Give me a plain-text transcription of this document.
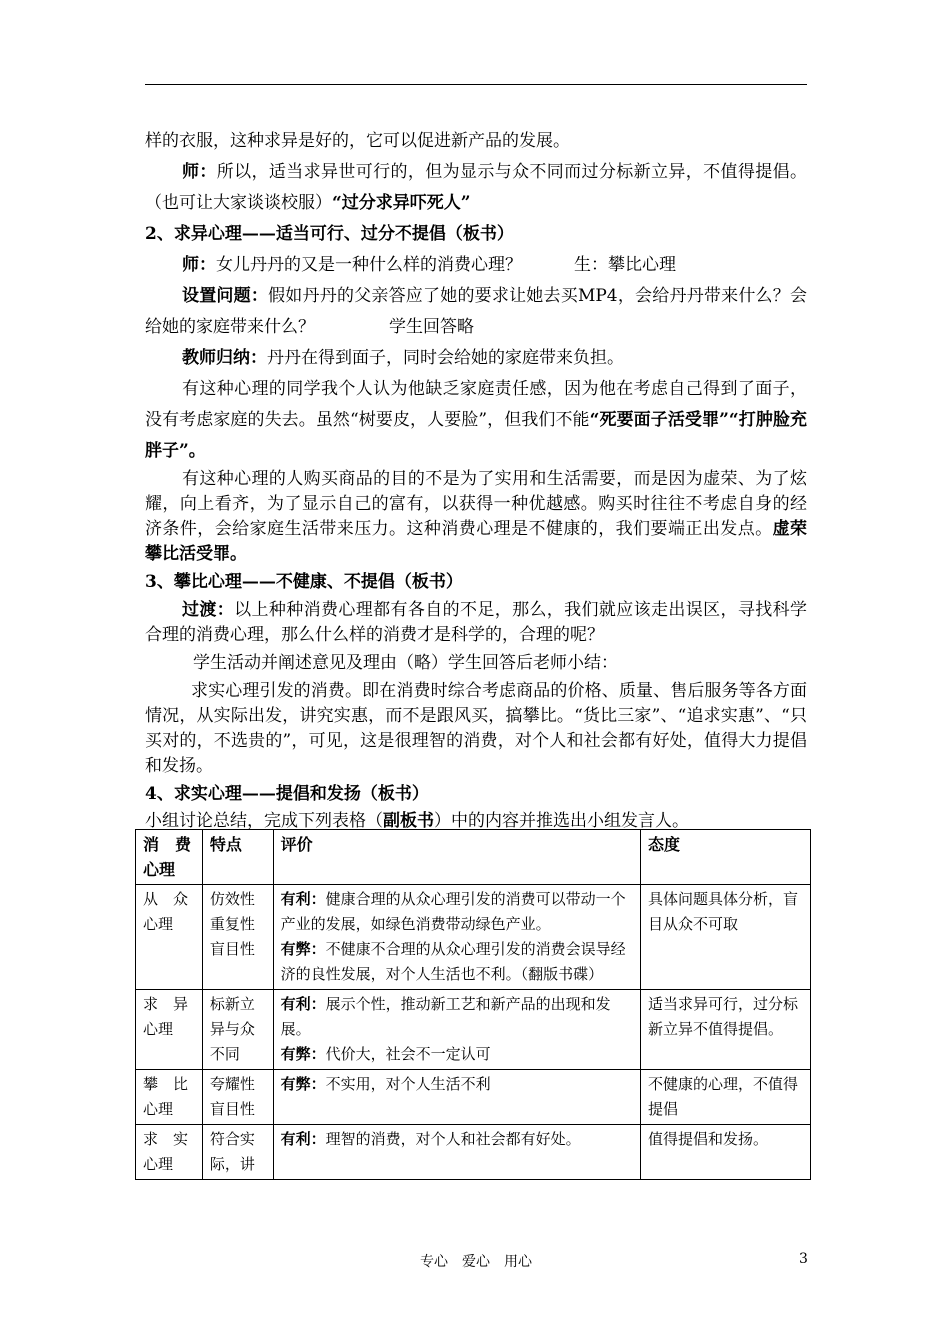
样的衣服，这种求异是好的，它可以促进新产品的发展。

师：所以，适当求异世可行的，但为显示与众不同而过分标新立异，不值得提倡。（也可让大家谈谈校服）“过分求异吓死人”

2、求异心理——适当可行、过分不提倡（板书）

师：女儿丹丹的又是一种什么样的消费心理？	生：攀比心理

设置问题：假如丹丹的父亲答应了她的要求让她去买MP4，会给丹丹带来什么？会给她的家庭带来什么？	学生回答略

教师归纳：丹丹在得到面子，同时会给她的家庭带来负担。

有这种心理的同学我个人认为他缺乏家庭责任感，因为他在考虑自己得到了面子，没有考虑家庭的失去。虽然“树要皮，人要脸”，但我们不能“死要面子活受罪”“打肿脸充胖子”。

有这种心理的人购买商品的目的不是为了实用和生活需要，而是因为虚荣、为了炫耀，向上看齐，为了显示自己的富有，以获得一种优越感。购买时往往不考虑自身的经济条件，会给家庭生活带来压力。这种消费心理是不健康的，我们要端正出发点。虚荣攀比活受罪。

3、攀比心理——不健康、不提倡（板书）

过渡：以上种种消费心理都有各自的不足，那么，我们就应该走出误区，寻找科学合理的消费心理，那么什么样的消费才是科学的，合理的呢？

学生活动并阐述意见及理由（略）学生回答后老师小结：

求实心理引发的消费。即在消费时综合考虑商品的价格、质量、售后服务等各方面情况，从实际出发，讲究实惠，而不是跟风买，搞攀比。“货比三家”、“追求实惠”、“只买对的，不选贵的”，可见，这是很理智的消费，对个人和社会都有好处，值得大力提倡和发扬。

4、求实心理——提倡和发扬（板书）

小组讨论总结，完成下列表格（副板书）中的内容并推选出小组发言人。

消　费心理	特点	评价	态度
从　众心理	仿效性重复性盲目性	有利：健康合理的从众心理引发的消费可以带动一个产业的发展，如绿色消费带动绿色产业。
有弊：不健康不合理的从众心理引发的消费会误导经济的良性发展，对个人生活也不利。（翻版书碟）	具体问题具体分析，盲目从众不可取
求　异心理	标新立异与众不同	有利：展示个性，推动新工艺和新产品的出现和发展。
有弊：代价大，社会不一定认可	适当求异可行，过分标新立异不值得提倡。
攀　比心理	夸耀性盲目性	有弊：不实用，对个人生活不利	不健康的心理，不值得提倡
求　实心理	符合实际，讲	有利：理智的消费，对个人和社会都有好处。	值得提倡和发扬。
专心　爱心　用心	3
